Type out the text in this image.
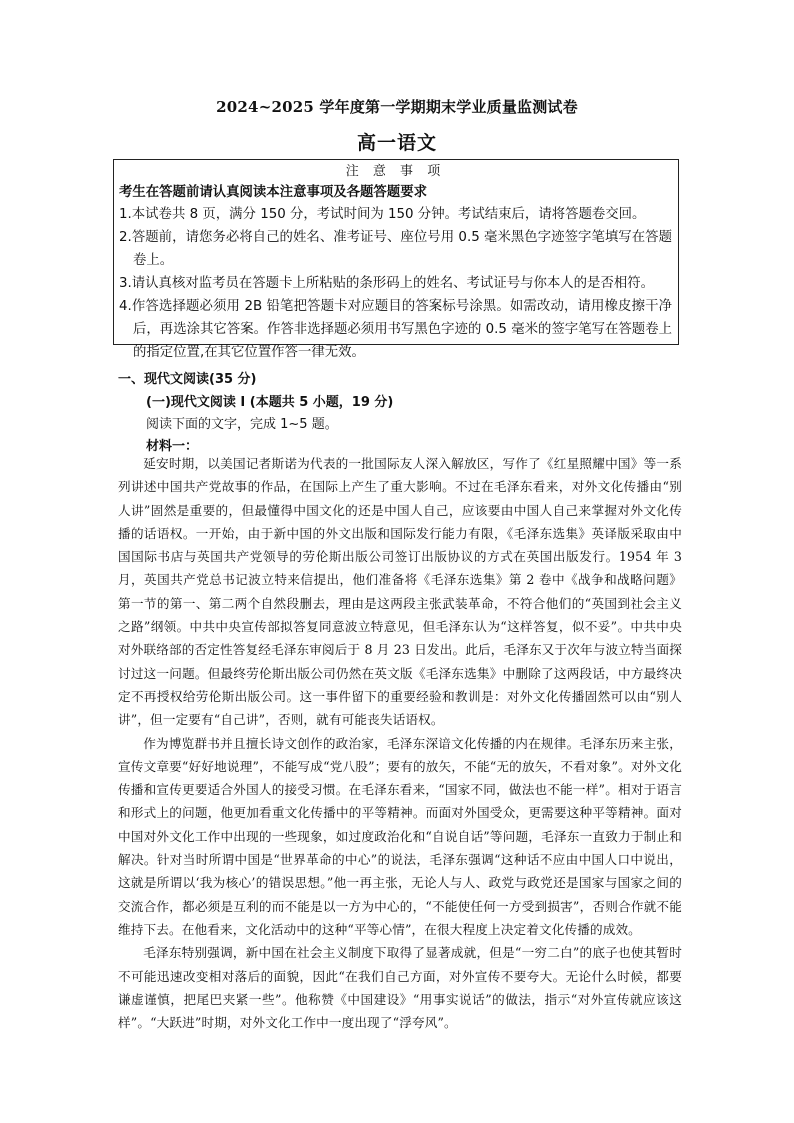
2024~2025 学年度第一学期期末学业质量监测试卷
高一语文
注 意 事 项
考生在答题前请认真阅读本注意事项及各题答题要求

1.本试卷共 8 页，满分 150 分，考试时间为 150 分钟。考试结束后，请将答题卷交回。

2.答题前，请您务必将自己的姓名、准考证号、座位号用 0.5 毫米黑色字迹签字笔填写在答题卷上。

3.请认真核对监考员在答题卡上所粘贴的条形码上的姓名、考试证号与你本人的是否相符。

4.作答选择题必须用 2B 铅笔把答题卡对应题目的答案标号涂黑。如需改动，请用橡皮擦干净后，再选涂其它答案。作答非选择题必须用书写黑色字迹的 0.5 毫米的签字笔写在答题卷上的指定位置,在其它位置作答一律无效。

一、现代文阅读(35 分)
(一)现代文阅读 I (本题共 5 小题，19 分)
阅读下面的文字，完成 1~5 题。
材料一：

延安时期，以美国记者斯诺为代表的一批国际友人深入解放区，写作了《红星照耀中国》等一系列讲述中国共产党故事的作品，在国际上产生了重大影响。不过在毛泽东看来，对外文化传播由“别人讲”固然是重要的，但最懂得中国文化的还是中国人自己，应该要由中国人自己来掌握对外文化传播的话语权。一开始，由于新中国的外文出版和国际发行能力有限，《毛泽东选集》英译版采取由中国国际书店与英国共产党领导的劳伦斯出版公司签订出版协议的方式在英国出版发行。1954 年 3 月，英国共产党总书记波立特来信提出，他们准备将《毛泽东选集》第 2 卷中《战争和战略问题》第一节的第一、第二两个自然段删去，理由是这两段主张武装革命，不符合他们的“英国到社会主义之路”纲领。中共中央宣传部拟答复同意波立特意见，但毛泽东认为“这样答复，似不妥”。中共中央对外联络部的否定性答复经毛泽东审阅后于 8 月 23 日发出。此后，毛泽东又于次年与波立特当面探讨过这一问题。但最终劳伦斯出版公司仍然在英文版《毛泽东选集》中删除了这两段话，中方最终决定不再授权给劳伦斯出版公司。这一事件留下的重要经验和教训是：对外文化传播固然可以由“别人讲”，但一定要有“自己讲”，否则，就有可能丧失话语权。

作为博览群书并且擅长诗文创作的政治家，毛泽东深谙文化传播的内在规律。毛泽东历来主张，宣传文章要“好好地说理”，不能写成“党八股”；要有的放矢，不能“无的放矢，不看对象”。对外文化传播和宣传更要适合外国人的接受习惯。在毛泽东看来，“国家不同，做法也不能一样”。相对于语言和形式上的问题，他更加看重文化传播中的平等精神。而面对外国受众，更需要这种平等精神。面对中国对外文化工作中出现的一些现象，如过度政治化和“自说自话”等问题，毛泽东一直致力于制止和解决。针对当时所谓中国是“世界革命的中心”的说法，毛泽东强调“这种话不应由中国人口中说出，这就是所谓以‘我为核心’的错误思想。”他一再主张，无论人与人、政党与政党还是国家与国家之间的交流合作，都必须是互利的而不能是以一方为中心的，“不能使任何一方受到损害”，否则合作就不能维持下去。在他看来，文化活动中的这种“平等心情”，在很大程度上决定着文化传播的成效。

毛泽东特别强调，新中国在社会主义制度下取得了显著成就，但是“一穷二白”的底子也使其暂时不可能迅速改变相对落后的面貌，因此“在我们自己方面，对外宣传不要夸大。无论什么时候，都要谦虚谨慎，把尾巴夹紧一些”。他称赞《中国建设》“用事实说话”的做法，指示“对外宣传就应该这样”。“大跃进”时期，对外文化工作中一度出现了“浮夸风”。
